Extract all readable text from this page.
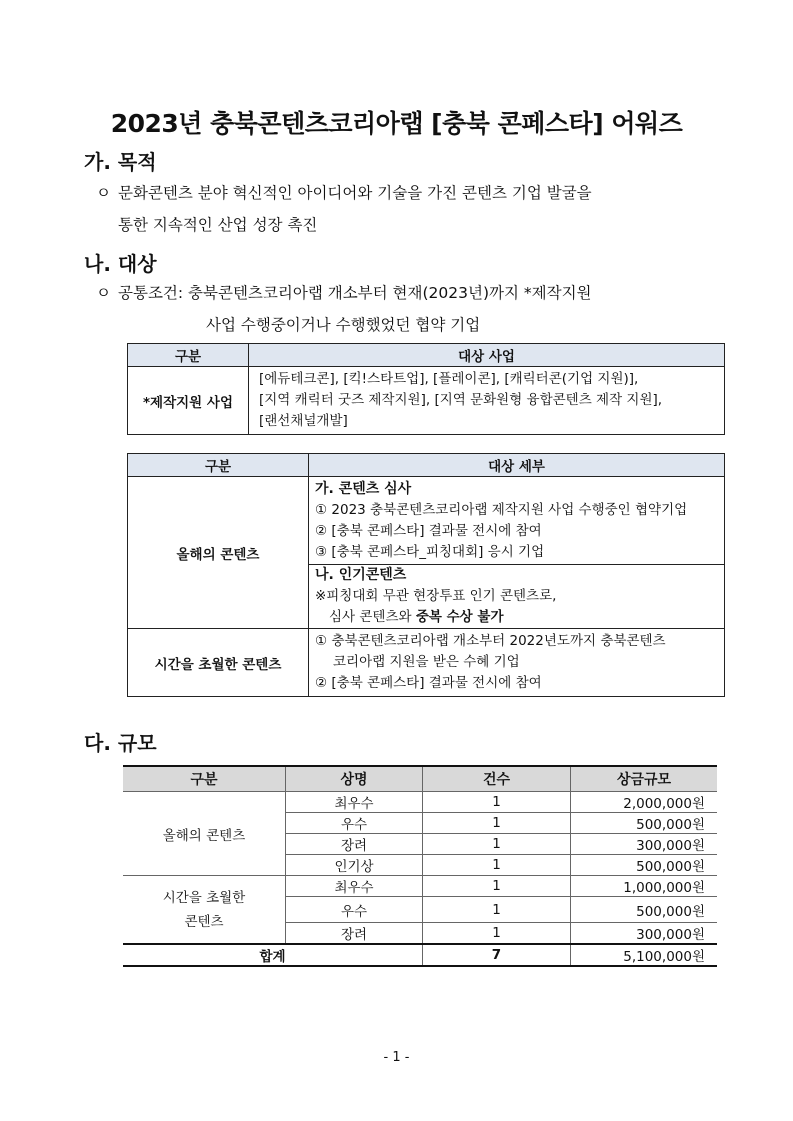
2023년 충북콘텐츠코리아랩 [충북 콘페스타] 어워즈
가. 목적
ㅇ 문화콘텐츠 분야 혁신적인 아이디어와 기술을 가진 콘텐츠 기업 발굴을
통한 지속적인 산업 성장 촉진
나. 대상
ㅇ 공통조건: 충북콘텐츠코리아랩 개소부터 현재(2023년)까지 *제작지원
사업 수행중이거나 수행했었던 협약 기업
구분	대상 사업
*제작지원 사업	[에듀테크콘], [킥!스타트업], [플레이콘], [캐릭터콘(기업 지원)],
[지역 캐릭터 굿즈 제작지원], [지역 문화원형 융합콘텐츠 제작 지원],
[랜선채널개발]
구분	대상 세부
올해의 콘텐츠	가. 콘텐츠 심사
① 2023 충북콘텐츠코리아랩 제작지원 사업 수행중인 협약기업
② [충북 콘페스타] 결과물 전시에 참여
③ [충북 콘페스타_피칭대회] 응시 기업

	나. 인기콘텐츠
※피칭대회 무관 현장투표 인기 콘텐츠로,
심사 콘텐츠와 중복 수상 불가

시간을 초월한 콘텐츠	① 충북콘텐츠코리아랩 개소부터 2022년도까지 충북콘텐츠
코리아랩 지원을 받은 수혜 기업
② [충북 콘페스타] 결과물 전시에 참여
다. 규모
구분	상명	건수	상금규모
올해의 콘텐츠	최우수	1	2,000,000원
	우수	1	500,000원
	장려	1	300,000원
	인기상	1	500,000원

시간을 초월한
콘텐츠	최우수	1	1,000,000원
	우수	1	500,000원
	장려	1	300,000원
합계		7	5,100,000원
- 1 -
